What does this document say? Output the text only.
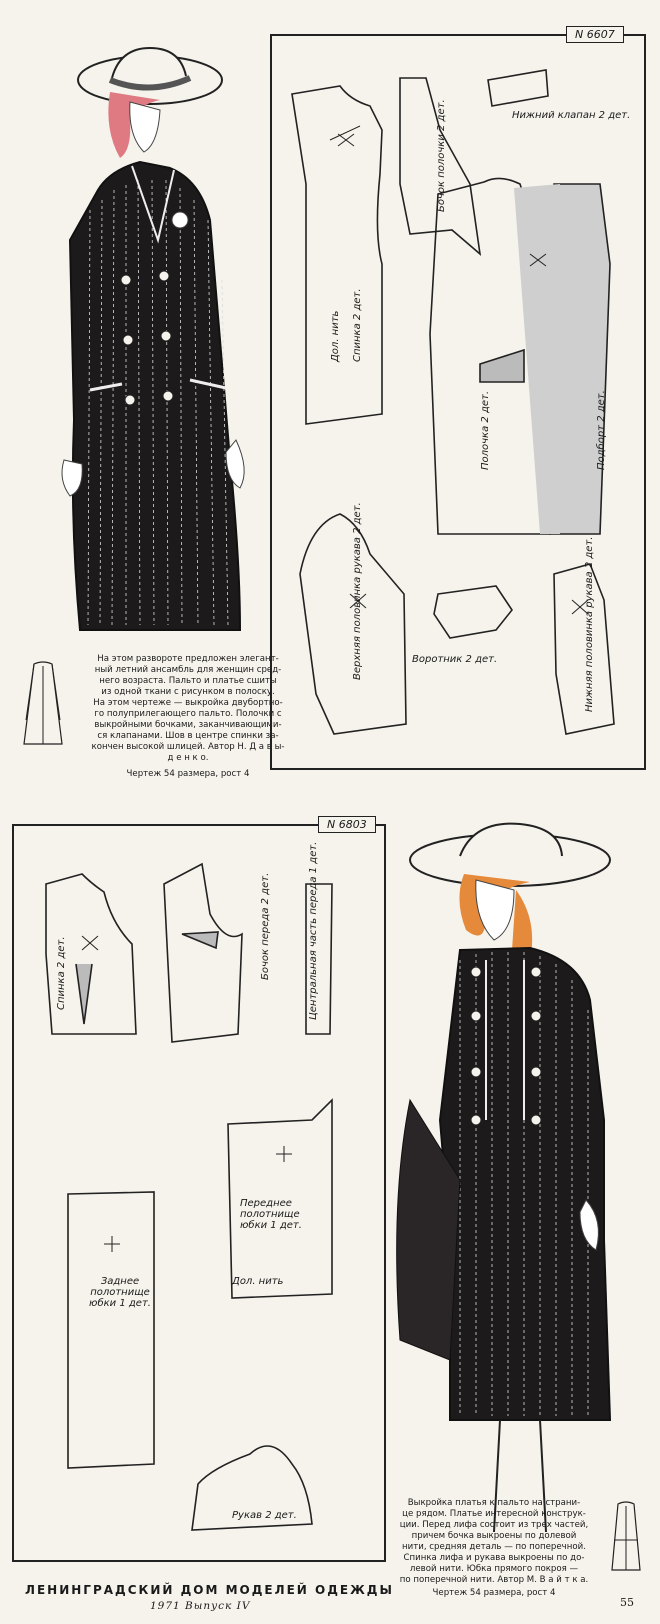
На этом развороте предложен элегант-
ный летний ансамбль для женщин сред-
него возраста. Пальто и платье сшиты
из одной ткани с рисунком в полоску.
На этом чертеже — выкройка двубортно-
го полуприлегающего пальто. Полочки с
выкройными бочками, заканчивающими-
ся клапанами. Шов в центре спинки за-
кончен высокой шлицей. Автор Н. Д а в ы-
д е н к о.
Чертеж 54 размера, рост 4
N 6607
Спинка 2 дет.
Дол. нить
Бочок полочки 2 дет.	Нижний клапан 2 дет.
Полочка 2 дет.	Подборт 2 дет.
Верхняя половинка рукава 2 дет.	Воротник 2 дет.	Нижняя половинка рукава 2 дет.
N 6803
Спинка 2 дет.	Бочок переда 2 дет.	Центральная часть переда 1 дет.
Переднее полотнище юбки 1 дет.
Дол. нить
Заднее полотнище юбки 1 дет.
Рукав 2 дет.
Выкройка платья к пальто на страни-
це рядом. Платье интересной конструк-
ции. Перед лифа состоит из трех частей,
причем бочка выкроены по долевой
нити, средняя деталь — по поперечной.
Спинка лифа и рукава выкроены по до-
левой нити. Юбка прямого покроя —
по поперечной нити. Автор М. В а й т к а.
Чертеж 54 размера, рост 4
ЛЕНИНГРАДСКИЙ ДОМ МОДЕЛЕЙ ОДЕЖДЫ
1971 Выпуск IV	55
